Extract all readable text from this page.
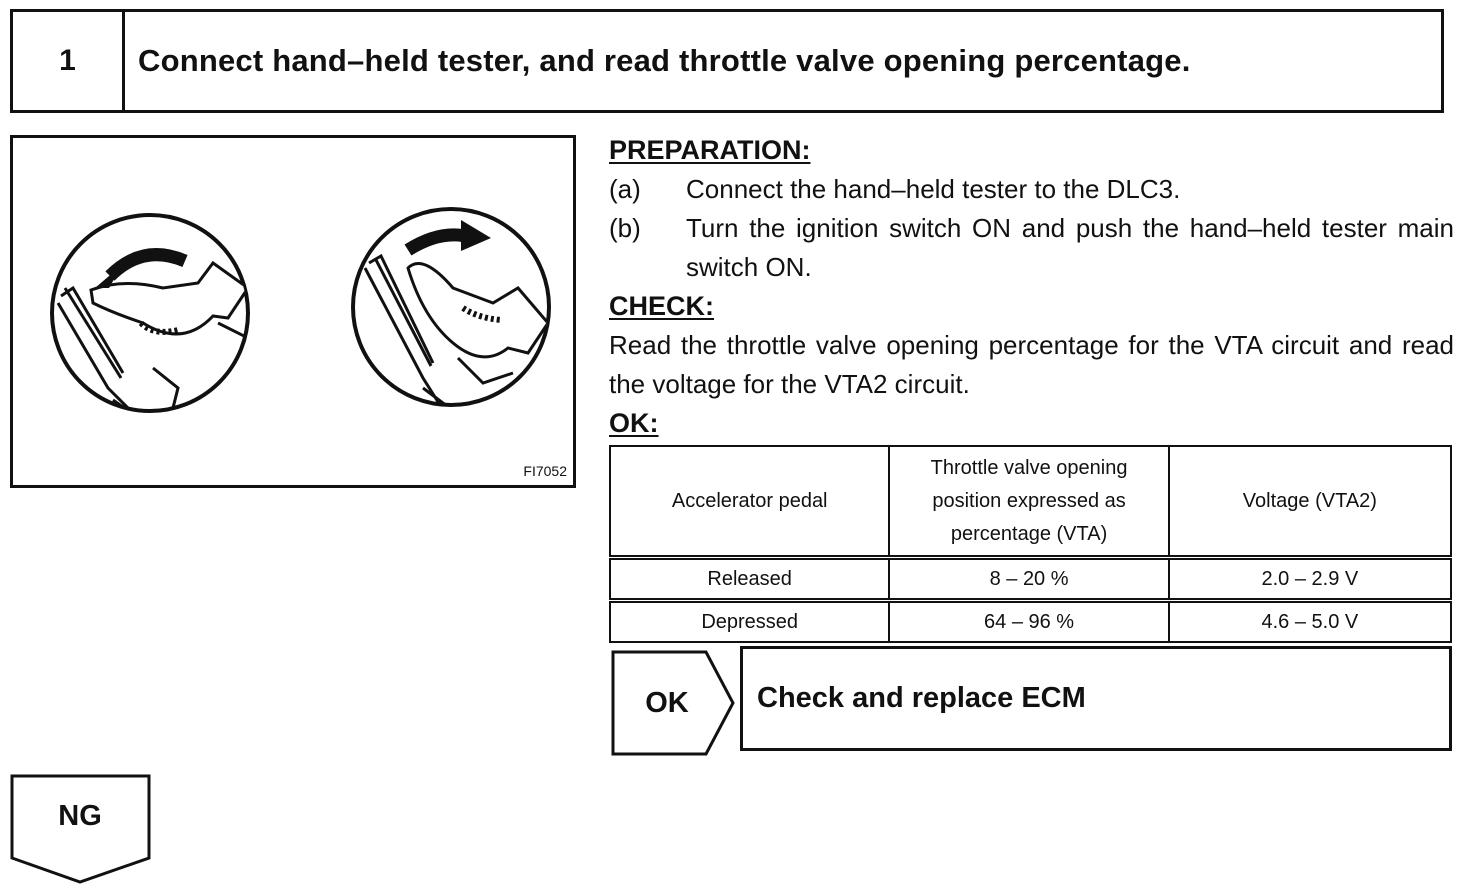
1	Connect hand–held tester, and read throttle valve opening percentage.
FI7052
PREPARATION:
(a)	Connect the hand–held tester to the DLC3.
(b)	Turn the ignition switch ON and push the hand–held tester main switch ON.
CHECK:
Read the throttle valve opening percentage for the VTA circuit and read the voltage for the VTA2 circuit.
OK:
Accelerator pedal	Throttle valve opening position expressed as percentage (VTA)	Voltage (VTA2)
Released	8 – 20 %	2.0 – 2.9 V
Depressed	64 – 96 %	4.6 – 5.0 V
OK	Check and replace ECM
NG
